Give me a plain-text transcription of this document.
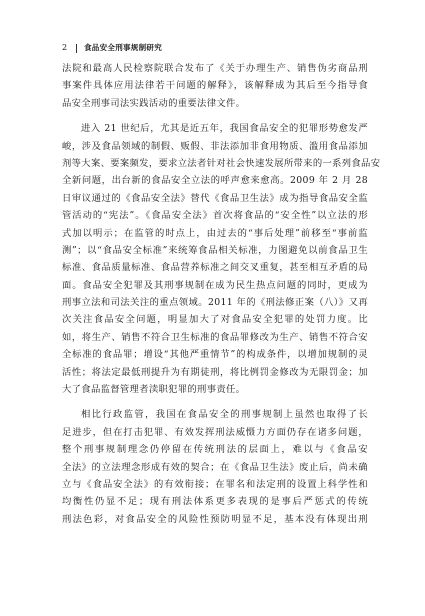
2	食品安全刑事规制研究

法院和最高人民检察院联合发布了《关于办理生产、销售伪劣商品刑
事案件具体应用法律若干问题的解释》，该解释成为其后至今指导食
品安全刑事司法实践活动的重要法律文件。

进入 21 世纪后，尤其是近五年，我国食品安全的犯罪形势愈发严
峻，涉及食品领域的制假、贩假、非法添加非食用物质、滥用食品添加
剂等大案、要案频发，要求立法者针对社会快速发展所带来的一系列食品安
全新问题，出台新的食品安全立法的呼声愈来愈高。2009 年 2 月 28
日审议通过的《食品安全法》替代《食品卫生法》成为指导食品安全监
管活动的“宪法”。《食品安全法》首次将食品的“安全性”以立法的形
式加以明示；在监管的时点上，由过去的“事后处理”前移至“事前监
测”；以“食品安全标准”来统筹食品相关标准，力图避免以前食品卫生
标准、食品质量标准、食品营养标准之间交叉重复，甚至相互矛盾的局
面。食品安全犯罪及其刑事规制在成为民生热点问题的同时，更成为
刑事立法和司法关注的重点领域。2011 年的《刑法修正案（八）》又再
次关注食品安全问题，明显加大了对食品安全犯罪的处罚力度。比
如，将生产、销售不符合卫生标准的食品罪修改为生产、销售不符合安
全标准的食品罪；增设“其他严重情节”的构成条件，以增加规制的灵
活性；将法定最低刑提升为有期徒刑，将比例罚金修改为无限罚金；加
大了食品监督管理者渎职犯罪的刑事责任。

相比行政监管，我国在食品安全的刑事规制上虽然也取得了长
足进步，但在打击犯罪、有效发挥刑法威慑力方面仍存在诸多问题，
整个刑事规制理念仍停留在传统刑法的层面上，难以与《食品安
全法》的立法理念形成有效的契合；在《食品卫生法》废止后，尚未确
立与《食品安全法》的有效衔接；在罪名和法定刑的设置上科学性和
均衡性仍显不足；现有刑法体系更多表现的是事后严惩式的传统
刑法色彩，对食品安全的风险性预防明显不足，基本没有体现出刑
